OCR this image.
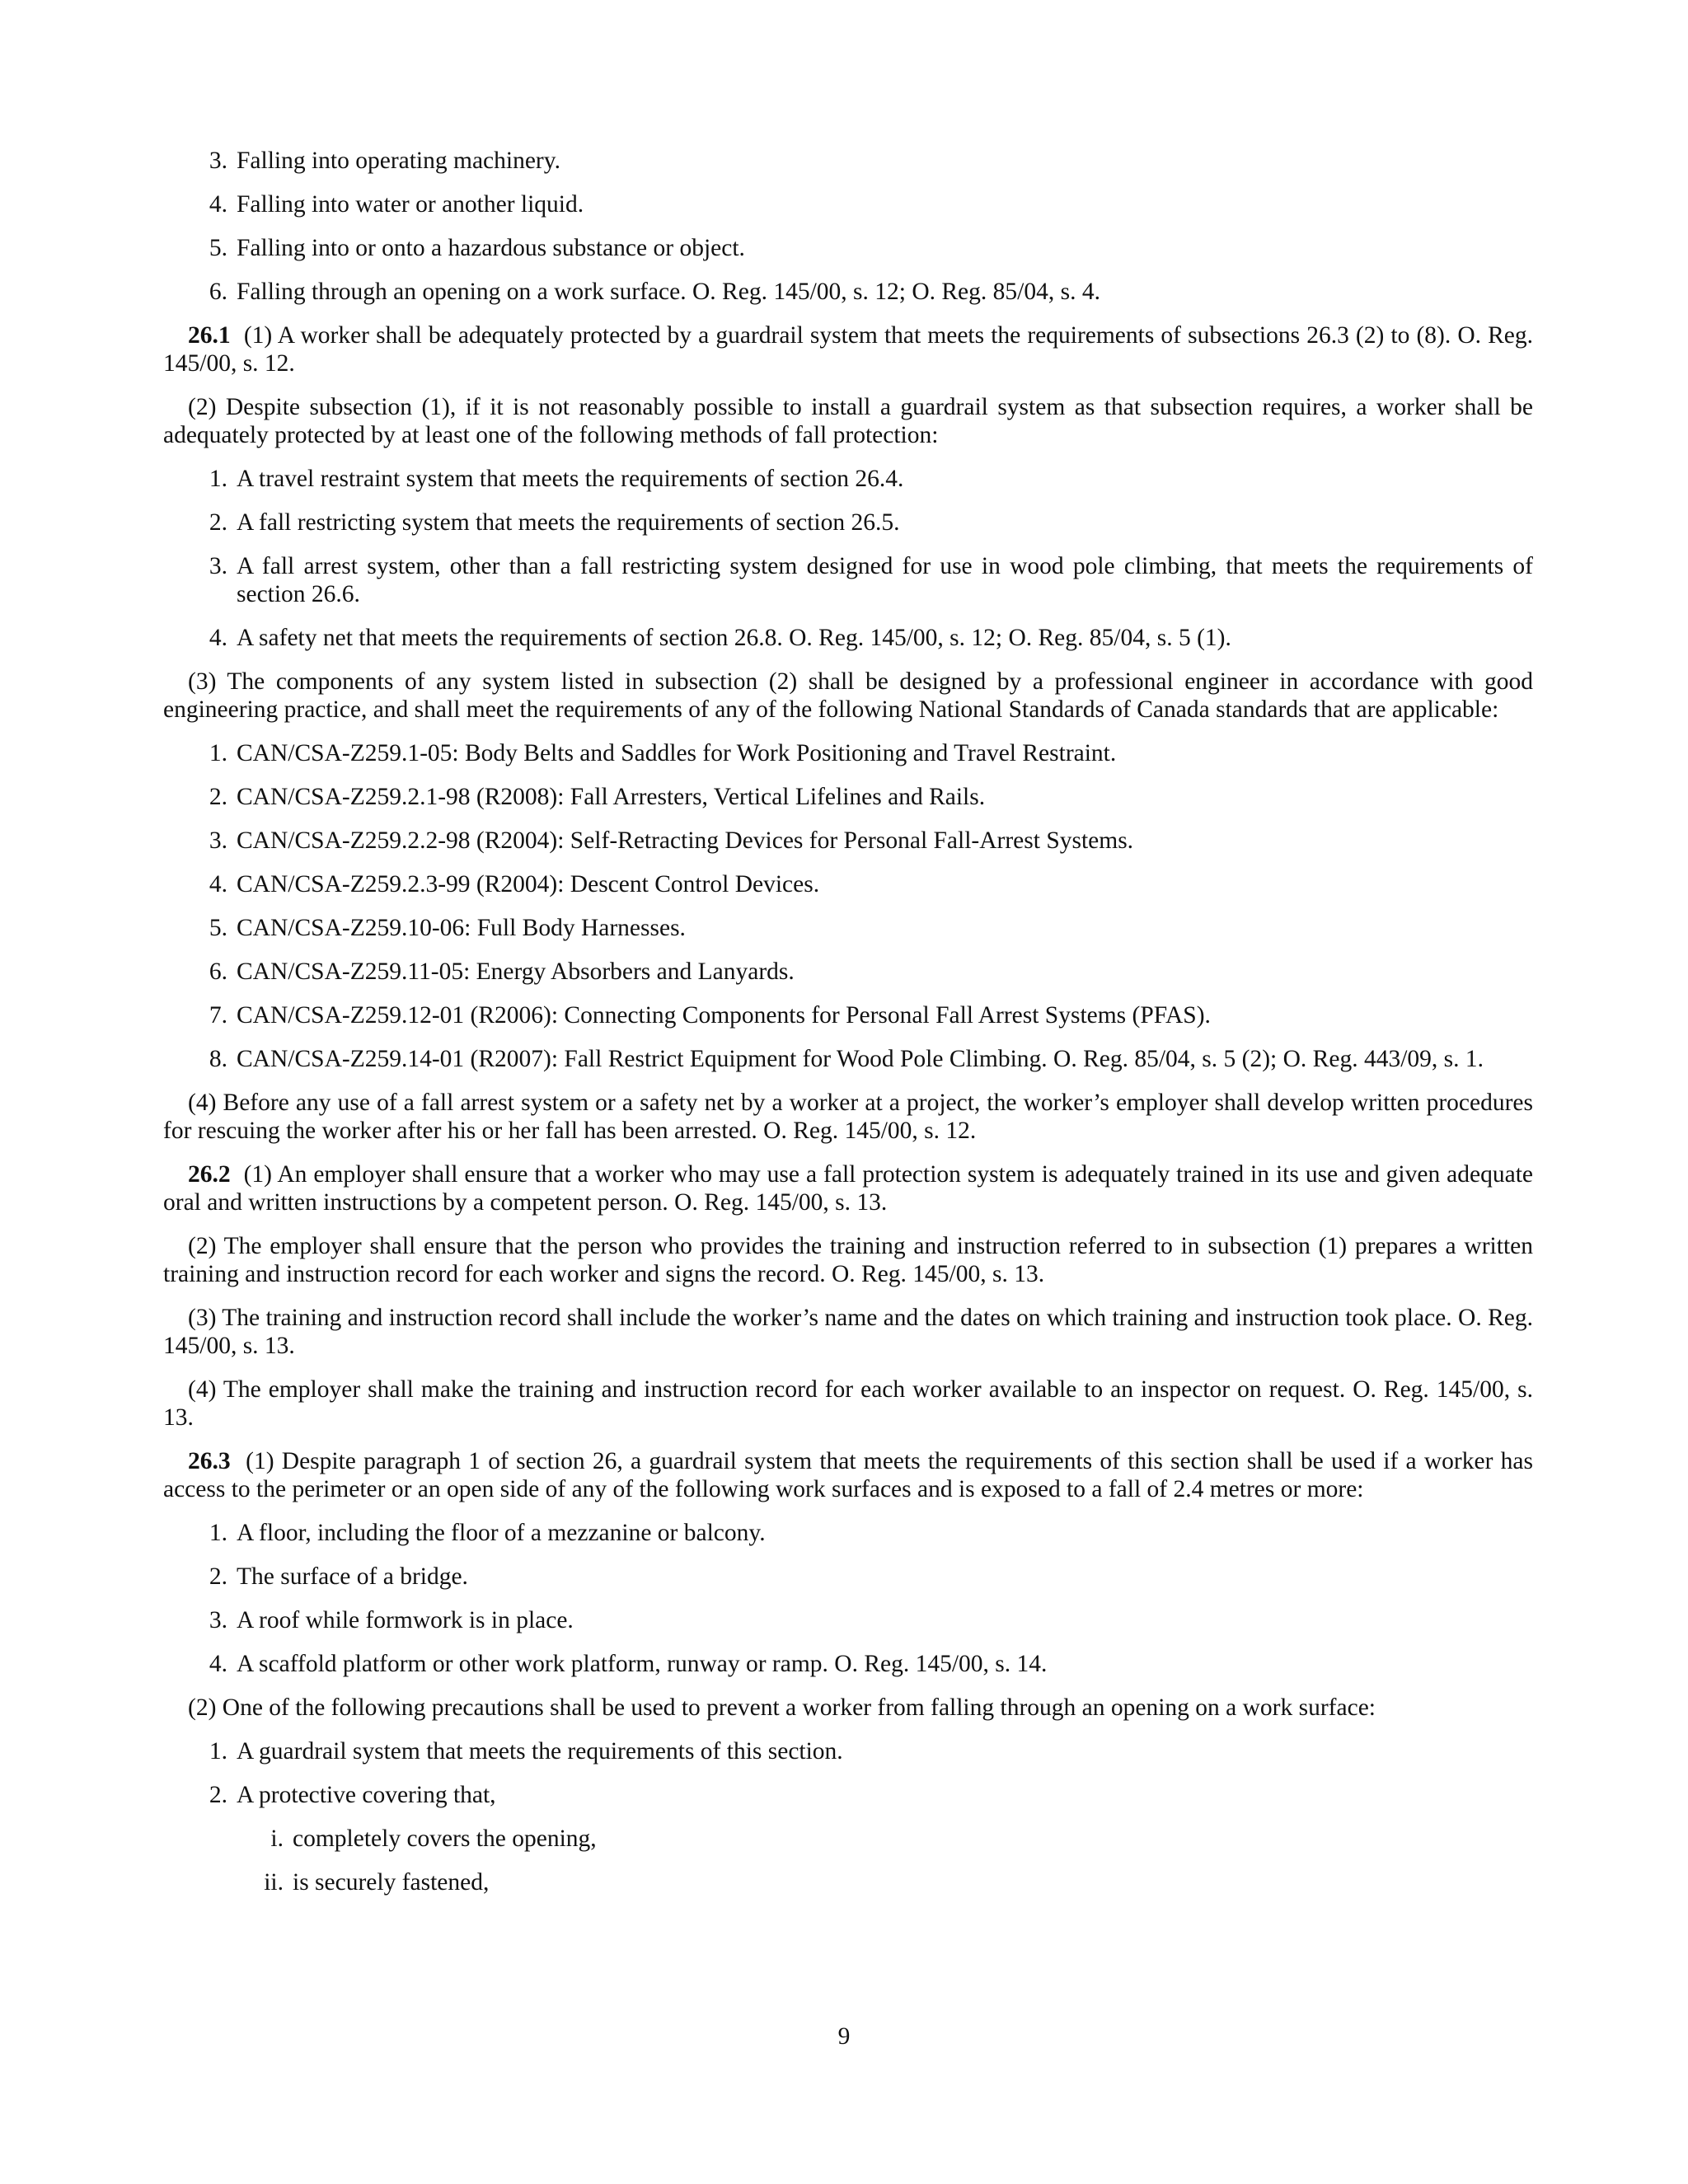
3. Falling into operating machinery.
4. Falling into water or another liquid.
5. Falling into or onto a hazardous substance or object.
6. Falling through an opening on a work surface. O. Reg. 145/00, s. 12; O. Reg. 85/04, s. 4.

26.1 (1) A worker shall be adequately protected by a guardrail system that meets the requirements of subsections 26.3 (2) to (8). O. Reg. 145/00, s. 12.

(2) Despite subsection (1), if it is not reasonably possible to install a guardrail system as that subsection requires, a worker shall be adequately protected by at least one of the following methods of fall protection:

1. A travel restraint system that meets the requirements of section 26.4.
2. A fall restricting system that meets the requirements of section 26.5.
3. A fall arrest system, other than a fall restricting system designed for use in wood pole climbing, that meets the requirements of section 26.6.
4. A safety net that meets the requirements of section 26.8. O. Reg. 145/00, s. 12; O. Reg. 85/04, s. 5 (1).

(3) The components of any system listed in subsection (2) shall be designed by a professional engineer in accordance with good engineering practice, and shall meet the requirements of any of the following National Standards of Canada standards that are applicable:

1. CAN/CSA-Z259.1-05: Body Belts and Saddles for Work Positioning and Travel Restraint.
2. CAN/CSA-Z259.2.1-98 (R2008): Fall Arresters, Vertical Lifelines and Rails.
3. CAN/CSA-Z259.2.2-98 (R2004): Self-Retracting Devices for Personal Fall-Arrest Systems.
4. CAN/CSA-Z259.2.3-99 (R2004): Descent Control Devices.
5. CAN/CSA-Z259.10-06: Full Body Harnesses.
6. CAN/CSA-Z259.11-05: Energy Absorbers and Lanyards.
7. CAN/CSA-Z259.12-01 (R2006): Connecting Components for Personal Fall Arrest Systems (PFAS).
8. CAN/CSA-Z259.14-01 (R2007): Fall Restrict Equipment for Wood Pole Climbing. O. Reg. 85/04, s. 5 (2); O. Reg. 443/09, s. 1.

(4) Before any use of a fall arrest system or a safety net by a worker at a project, the worker’s employer shall develop written procedures for rescuing the worker after his or her fall has been arrested. O. Reg. 145/00, s. 12.

26.2 (1) An employer shall ensure that a worker who may use a fall protection system is adequately trained in its use and given adequate oral and written instructions by a competent person. O. Reg. 145/00, s. 13.

(2) The employer shall ensure that the person who provides the training and instruction referred to in subsection (1) prepares a written training and instruction record for each worker and signs the record. O. Reg. 145/00, s. 13.

(3) The training and instruction record shall include the worker’s name and the dates on which training and instruction took place. O. Reg. 145/00, s. 13.

(4) The employer shall make the training and instruction record for each worker available to an inspector on request. O. Reg. 145/00, s. 13.

26.3 (1) Despite paragraph 1 of section 26, a guardrail system that meets the requirements of this section shall be used if a worker has access to the perimeter or an open side of any of the following work surfaces and is exposed to a fall of 2.4 metres or more:

1. A floor, including the floor of a mezzanine or balcony.
2. The surface of a bridge.
3. A roof while formwork is in place.
4. A scaffold platform or other work platform, runway or ramp. O. Reg. 145/00, s. 14.

(2) One of the following precautions shall be used to prevent a worker from falling through an opening on a work surface:

1. A guardrail system that meets the requirements of this section.
2. A protective covering that,
i. completely covers the opening,
ii. is securely fastened,
9
